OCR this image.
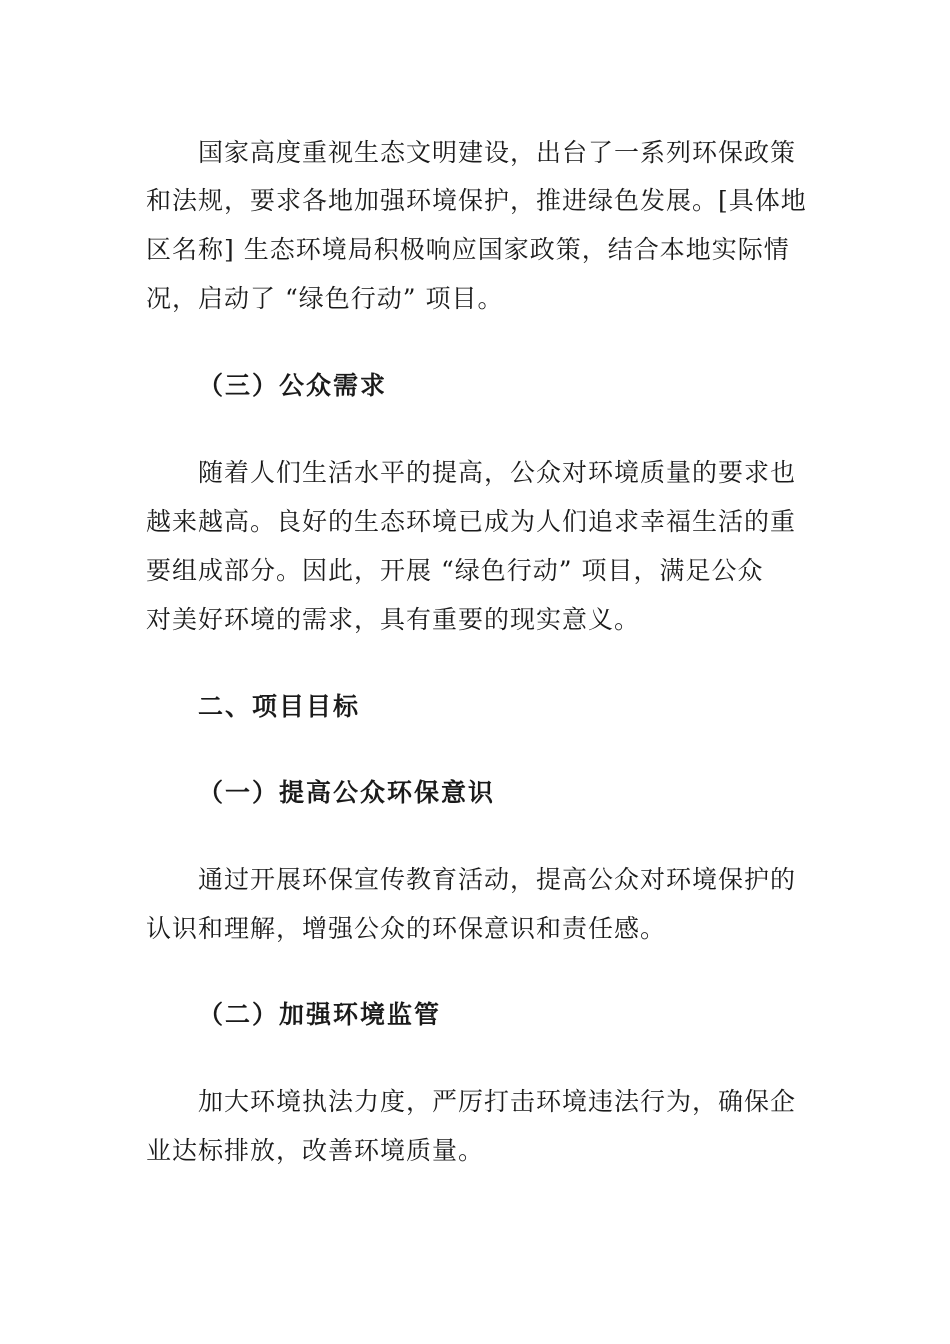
国家高度重视生态文明建设，出台了一系列环保政策
和法规，要求各地加强环境保护，推进绿色发展。[具体地
区名称] 生态环境局积极响应国家政策，结合本地实际情
况，启动了 “绿色行动” 项目。
（三）公众需求
随着人们生活水平的提高，公众对环境质量的要求也
越来越高。良好的生态环境已成为人们追求幸福生活的重
要组成部分。因此，开展 “绿色行动” 项目，满足公众
对美好环境的需求，具有重要的现实意义。
二、项目目标
（一）提高公众环保意识
通过开展环保宣传教育活动，提高公众对环境保护的
认识和理解，增强公众的环保意识和责任感。
（二）加强环境监管
加大环境执法力度，严厉打击环境违法行为，确保企
业达标排放，改善环境质量。
